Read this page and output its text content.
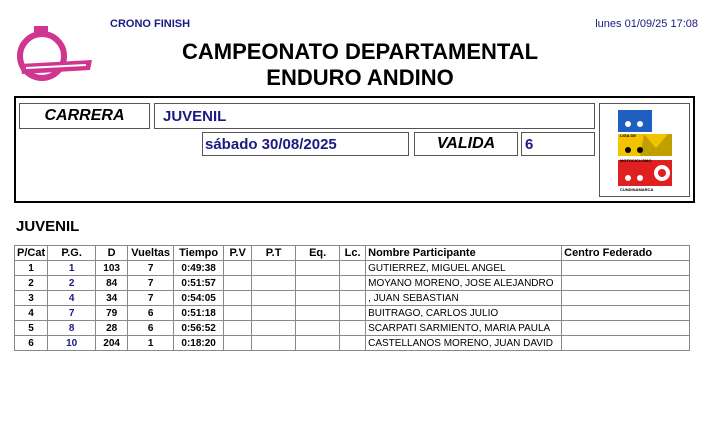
CRONO FINISH	lunes 01/09/25 17:08
CAMPEONATO DEPARTAMENTAL
ENDURO ANDINO
CARRERA	JUVENIL
sábado 30/08/2025	VALIDA	6	LIGA DE
MOTOCICLISMO
CUNDINAMARCA
JUVENIL
P/Cat	P.G.	D	Vueltas	Tiempo	P.V	P.T	Eq.	Lc.	Nombre Participante	Centro Federado
1	1	103	7	0:49:38					GUTIERREZ, MIGUEL ANGEL	
2	2	84	7	0:51:57					MOYANO MORENO, JOSE ALEJANDRO	
3	4	34	7	0:54:05					, JUAN SEBASTIAN	
4	7	79	6	0:51:18					BUITRAGO, CARLOS JULIO	
5	8	28	6	0:56:52					SCARPATI SARMIENTO, MARIA PAULA	
6	10	204	1	0:18:20					CASTELLANOS MORENO, JUAN DAVID	
